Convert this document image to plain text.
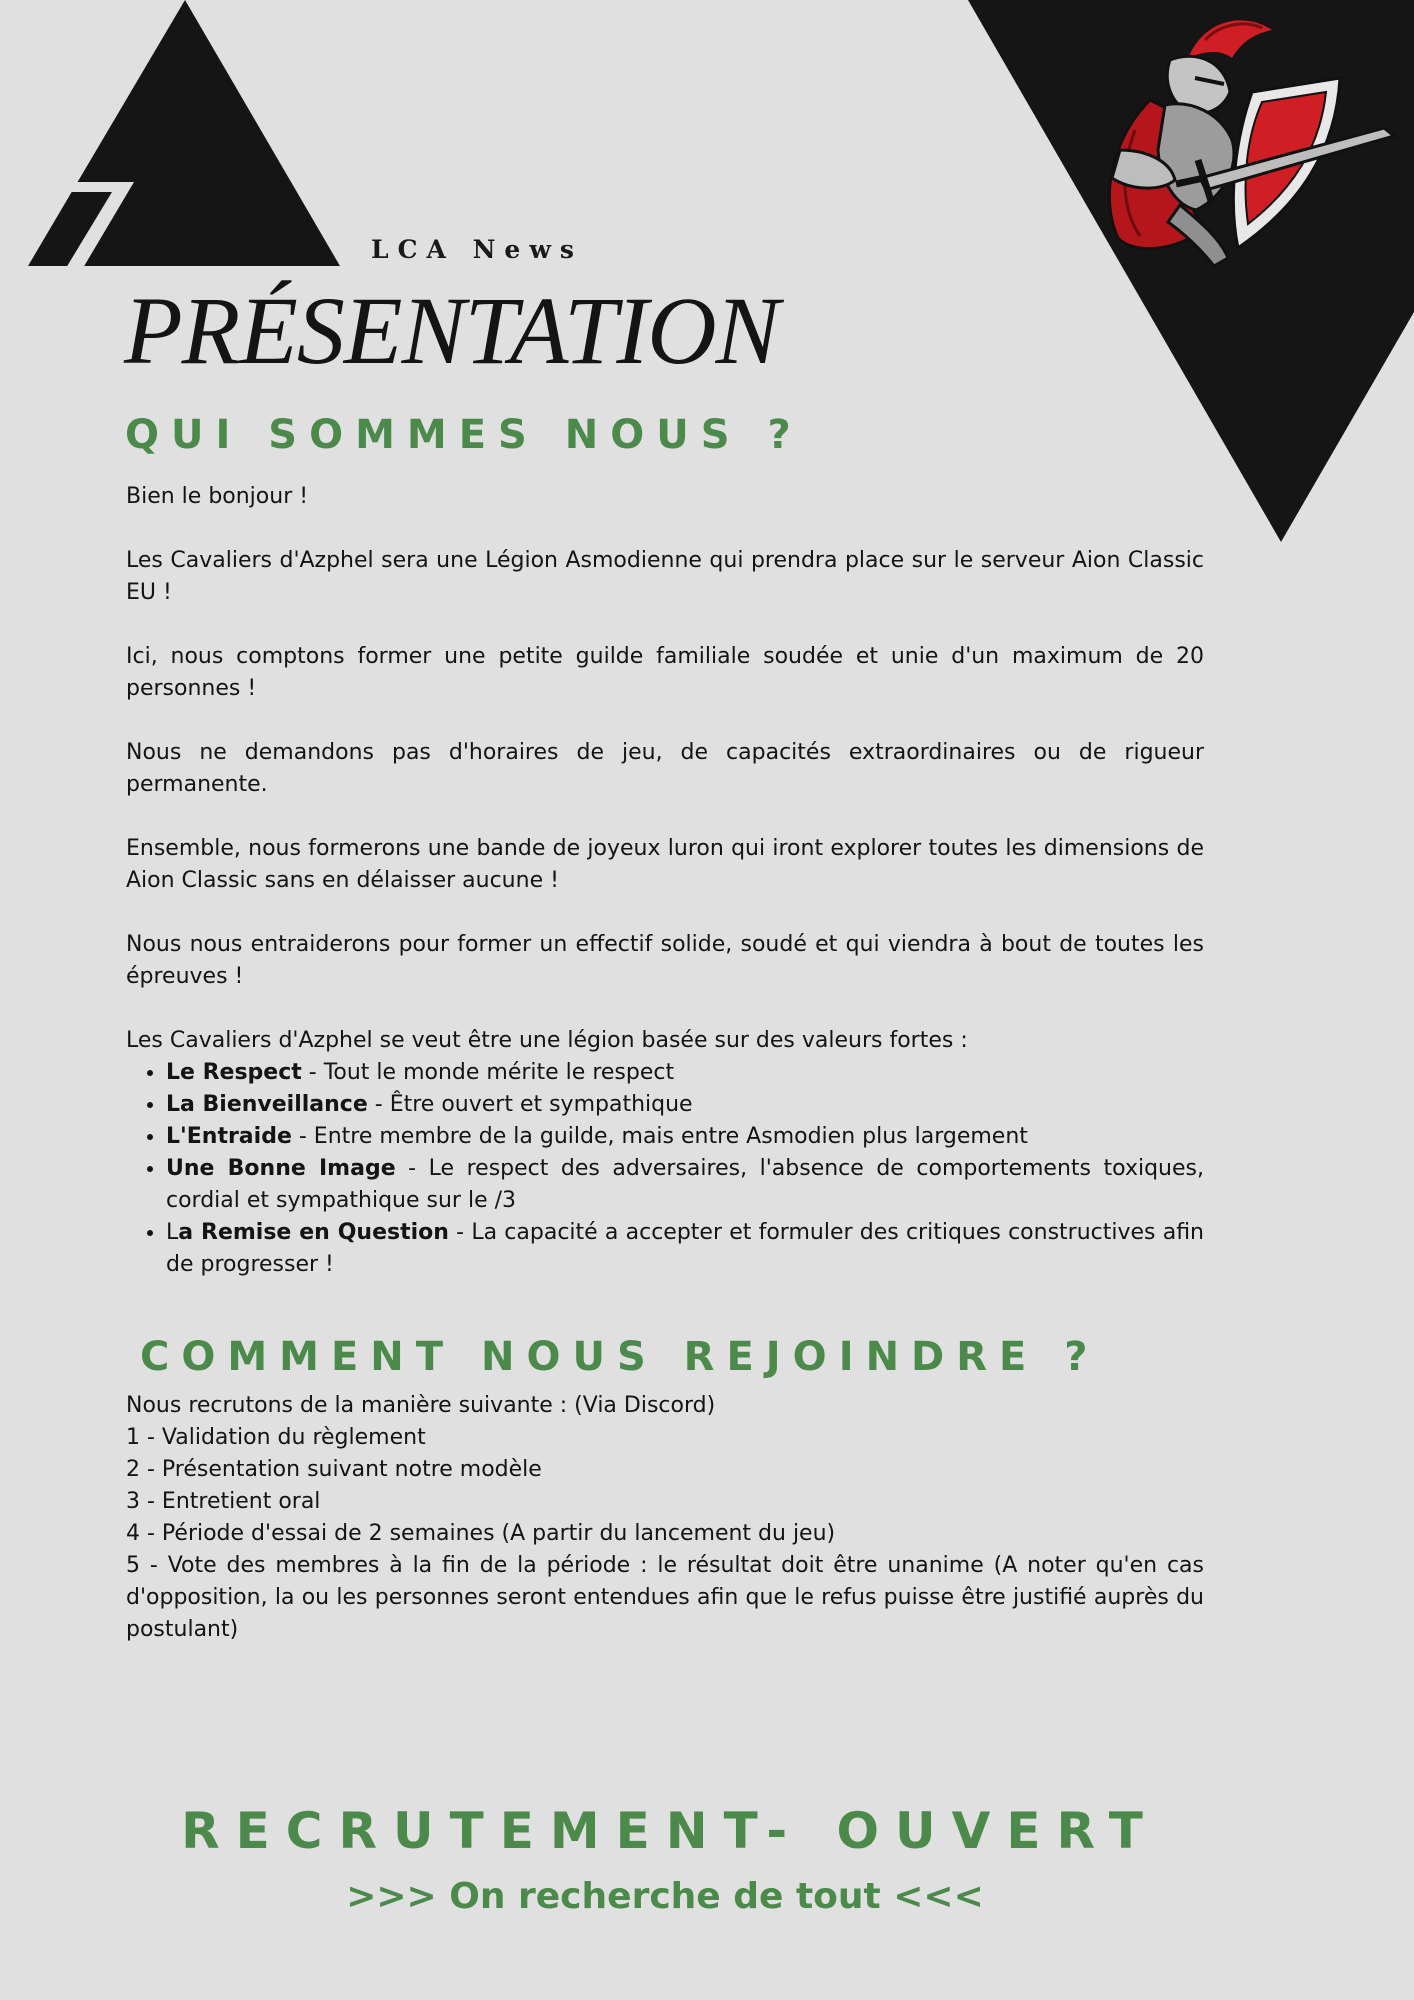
LCA News
PRÉSENTATION
QUI SOMMES NOUS ?

Bien le bonjour !

Les Cavaliers d'Azphel sera une Légion Asmodienne qui prendra place sur le serveur Aion Classic EU !

Ici, nous comptons former une petite guilde familiale soudée et unie d'un maximum de 20 personnes !

Nous ne demandons pas d'horaires de jeu, de capacités extraordinaires ou de rigueur permanente.

Ensemble, nous formerons une bande de joyeux luron qui iront explorer toutes les dimensions de Aion Classic sans en délaisser aucune !

Nous nous entraiderons pour former un effectif solide, soudé et qui viendra à bout de toutes les épreuves !

Les Cavaliers d'Azphel se veut être une légion basée sur des valeurs fortes :

• Le Respect - Tout le monde mérite le respect
• La Bienveillance - Être ouvert et sympathique
• L'Entraide - Entre membre de la guilde, mais entre Asmodien plus largement
• Une Bonne Image - Le respect des adversaires, l'absence de comportements toxiques, cordial et sympathique sur le /3
• La Remise en Question - La capacité a accepter et formuler des critiques constructives afin de progresser !
COMMENT NOUS REJOINDRE ?
Nous recrutons de la manière suivante : (Via Discord)
1 - Validation du règlement
2 - Présentation suivant notre modèle
3 - Entretient oral
4 - Période d'essai de 2 semaines (A partir du lancement du jeu)
5 - Vote des membres à la fin de la période : le résultat doit être unanime (A noter qu'en cas d'opposition, la ou les personnes seront entendues afin que le refus puisse être justifié auprès du postulant)
RECRUTEMENT- OUVERT
>>> On recherche de tout <<<
